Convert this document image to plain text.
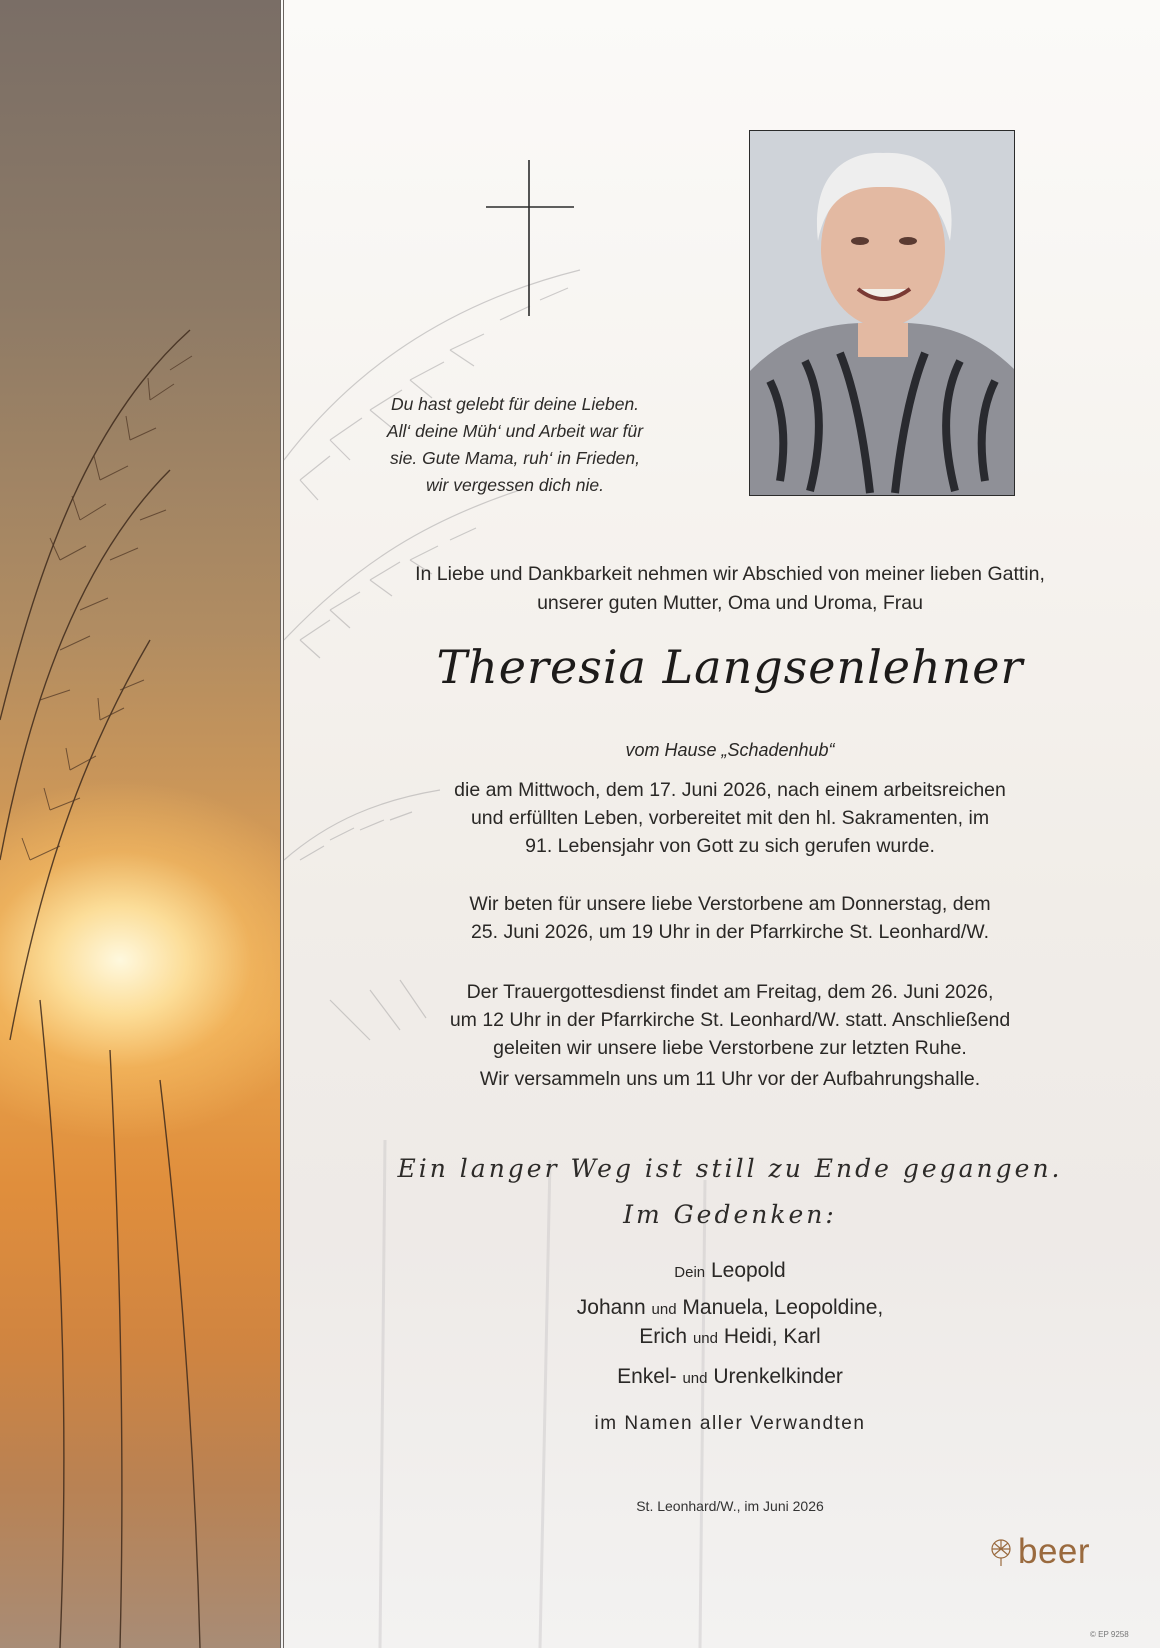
Du hast gelebt für deine Lieben.
All‘ deine Müh‘ und Arbeit war für
sie. Gute Mama, ruh‘ in Frieden,
wir vergessen dich nie.
In Liebe und Dankbarkeit nehmen wir Abschied von meiner lieben Gattin,
unserer guten Mutter, Oma und Uroma, Frau
Theresia Langsenlehner
vom Hause „Schadenhub“
die am Mittwoch, dem 17. Juni 2026, nach einem arbeitsreichen
und erfüllten Leben, vorbereitet mit den hl. Sakramenten, im
91. Lebensjahr von Gott zu sich gerufen wurde.
Wir beten für unsere liebe Verstorbene am Donnerstag, dem
25. Juni 2026, um 19 Uhr in der Pfarrkirche St. Leonhard/W.
Der Trauergottesdienst findet am Freitag, dem 26. Juni 2026,
um 12 Uhr in der Pfarrkirche St. Leonhard/W. statt. Anschließend
geleiten wir unsere liebe Verstorbene zur letzten Ruhe.
Wir versammeln uns um 11 Uhr vor der Aufbahrungshalle.
Ein langer Weg ist still zu Ende gegangen.
Im Gedenken:
Dein Leopold
Johann und Manuela, Leopoldine,
Erich und Heidi, Karl
Enkel- und Urenkelkinder
im Namen aller Verwandten
St. Leonhard/W., im Juni 2026
beer
© EP 9258
